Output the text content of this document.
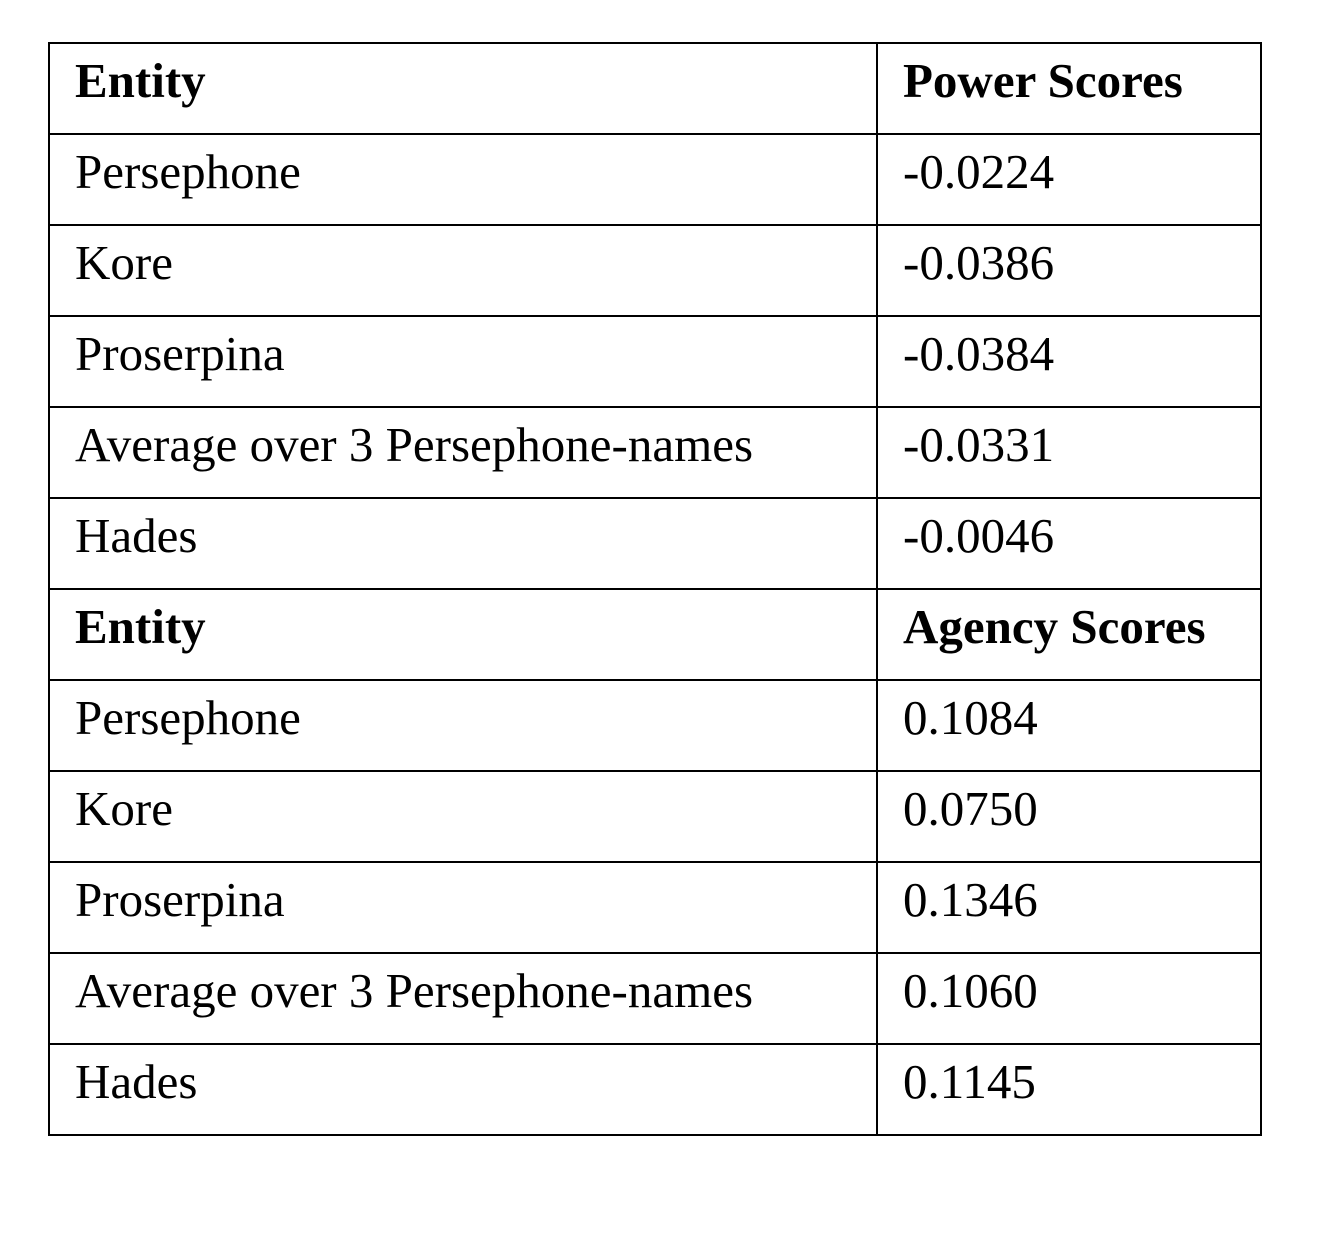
Entity	Power Scores
Persephone	-0.0224
Kore	-0.0386
Proserpina	-0.0384
Average over 3 Persephone-names	-0.0331
Hades	-0.0046
Entity	Agency Scores
Persephone	0.1084
Kore	0.0750
Proserpina	0.1346
Average over 3 Persephone-names	0.1060
Hades	0.1145
